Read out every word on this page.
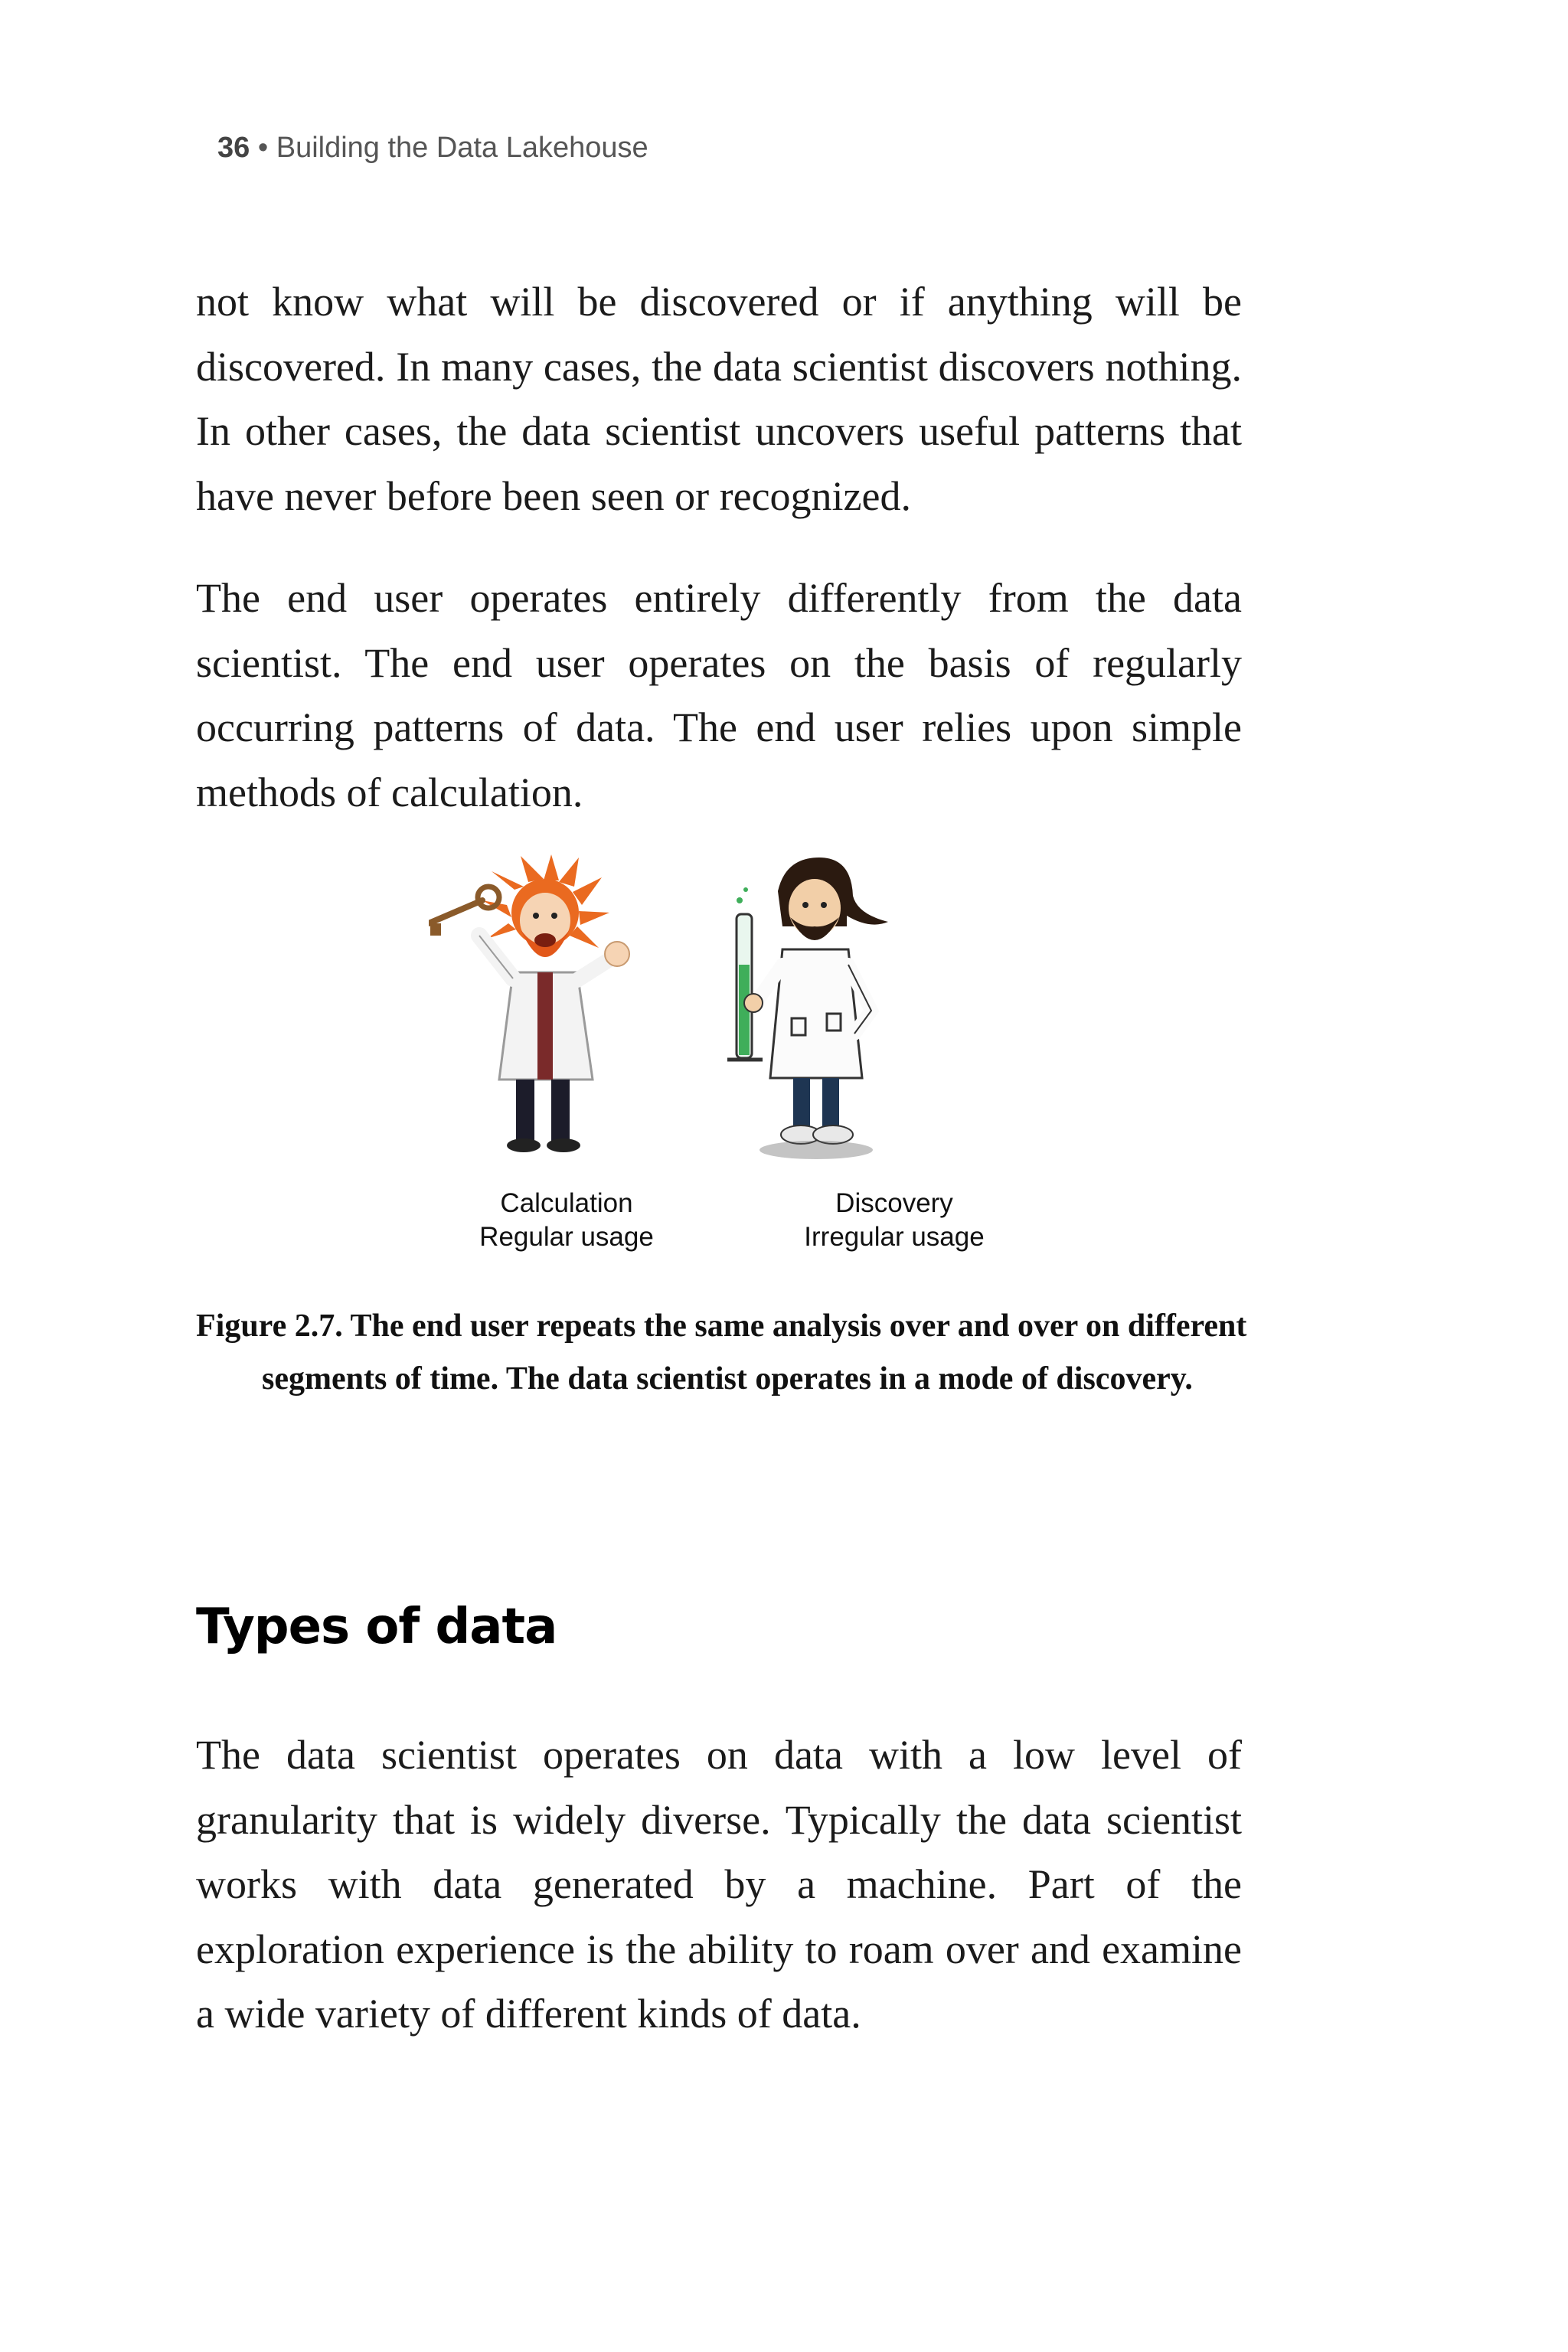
36 • Building the Data Lakehouse

not know what will be discovered or if anything will be discovered. In many cases, the data scientist discovers nothing. In other cases, the data scientist uncovers useful patterns that have never before been seen or recognized.

The end user operates entirely differently from the data scientist. The end user operates on the basis of regularly occurring patterns of data. The end user relies upon simple methods of calculation.

Calculation
Regular usage
Discovery
Irregular usage

Figure 2.7. The end user repeats the same analysis over and over on different segments of time. The data scientist operates in a mode of discovery.

Types of data

The data scientist operates on data with a low level of granularity that is widely diverse. Typically the data scientist works with data generated by a machine. Part of the exploration experience is the ability to roam over and examine a wide variety of different kinds of data.
